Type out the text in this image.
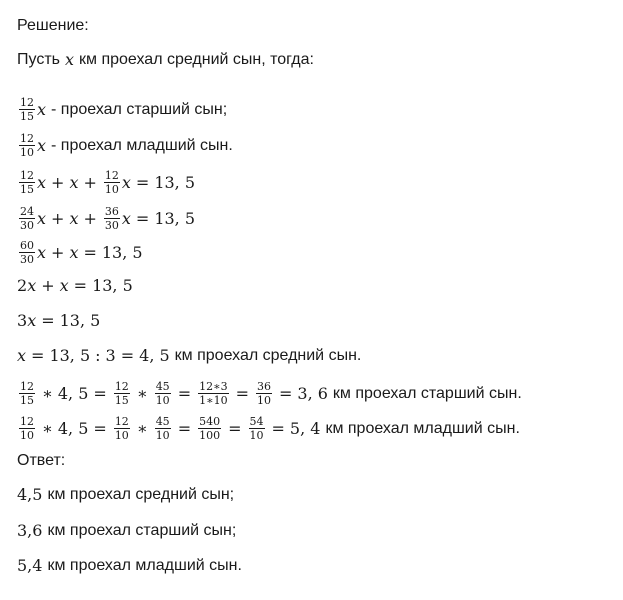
Решение:
Пусть x км проехал средний сын, тогда:
$\frac{12}{15}$ x - проехал старший сын;
$\frac{12}{10}$ x - проехал младший сын.
$\frac{12}{15}$ $x + x + \frac{12}{10}$ x = 13, 5
$\frac{24}{30}$ $x + x + \frac{36}{30}$ x = 13, 5
$\frac{60}{30}$ x + x = 13, 5
2 x + x = 13, 5
3 x = 13, 5
x = 13, 5 : 3 = 4, 5 км проехал средний сын.
$\frac{12}{15}$ ∗ 4, $5 = \frac{12}{15}$ ∗ $\frac{45}{10} = \frac{12∗3}{1∗10} = \frac{36}{10} = 3$, 6 км проехал старший сын.
$\frac{12}{10}$ ∗ 4, $5 = \frac{12}{10}$ ∗ $\frac{45}{10} = \frac{540}{100} = \frac{54}{10} = 5$, 4 км проехал младший сын.
Ответ:
4,5 км проехал средний сын;
3,6 км проехал старший сын;
5,4 км проехал младший сын.
